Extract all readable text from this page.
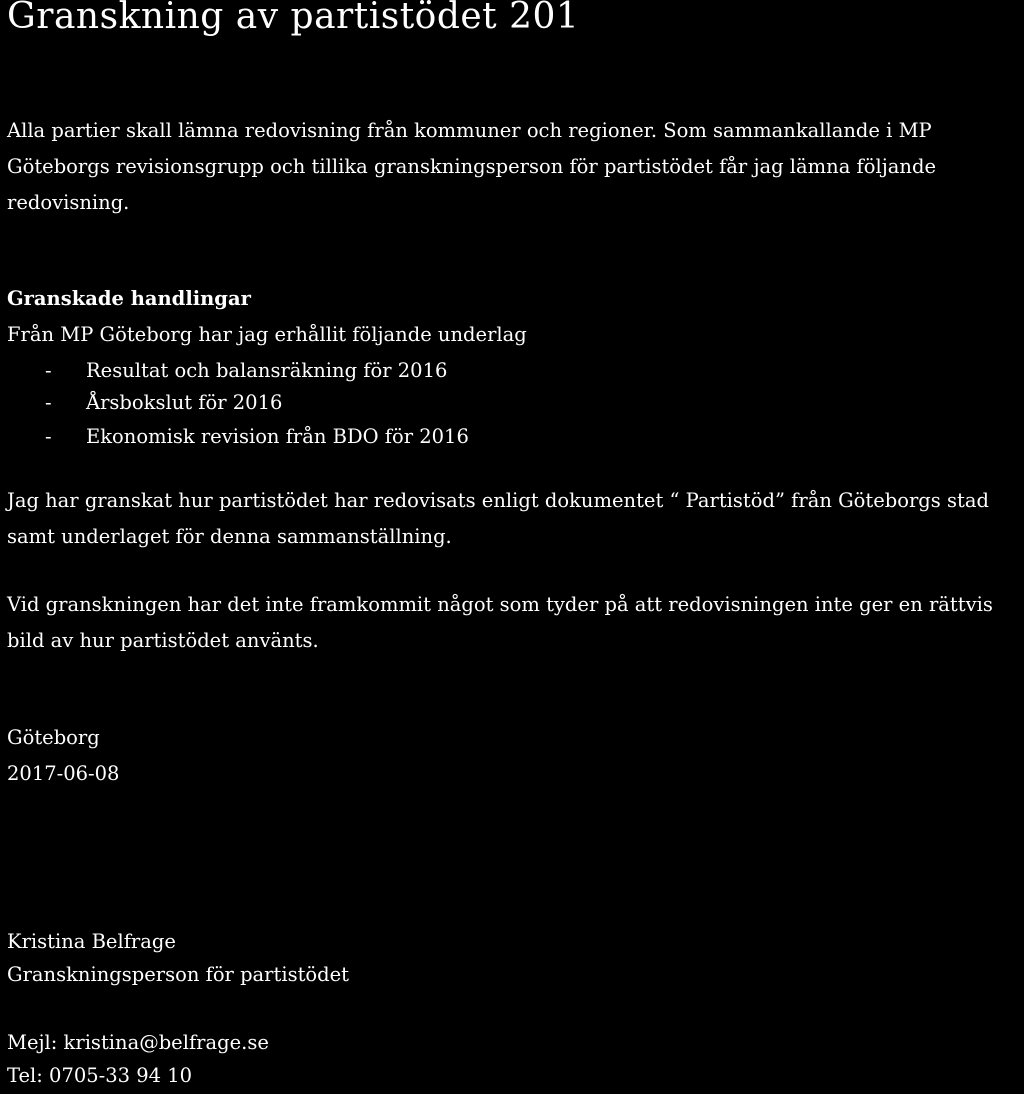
Granskning av partistödet 201

Alla partier skall lämna redovisning från kommuner och regioner. Som sammankallande i MP Göteborgs revisionsgrupp och tillika granskningsperson för partistödet får jag lämna följande redovisning.

Granskade handlingar

Från MP Göteborg har jag erhållit följande underlag

- Resultat och balansräkning för 2016
- Årsbokslut för 2016
- Ekonomisk revision från BDO för 2016

Jag har granskat hur partistödet har redovisats enligt dokumentet “ Partistöd” från Göteborgs stad samt underlaget för denna sammanställning.

Vid granskningen har det inte framkommit något som tyder på att redovisningen inte ger en rättvis bild av hur partistödet använts.

Göteborg

2017-06-08

Kristina Belfrage

Granskningsperson för partistödet

Mejl: kristina@belfrage.se

Tel: 0705-33 94 10
